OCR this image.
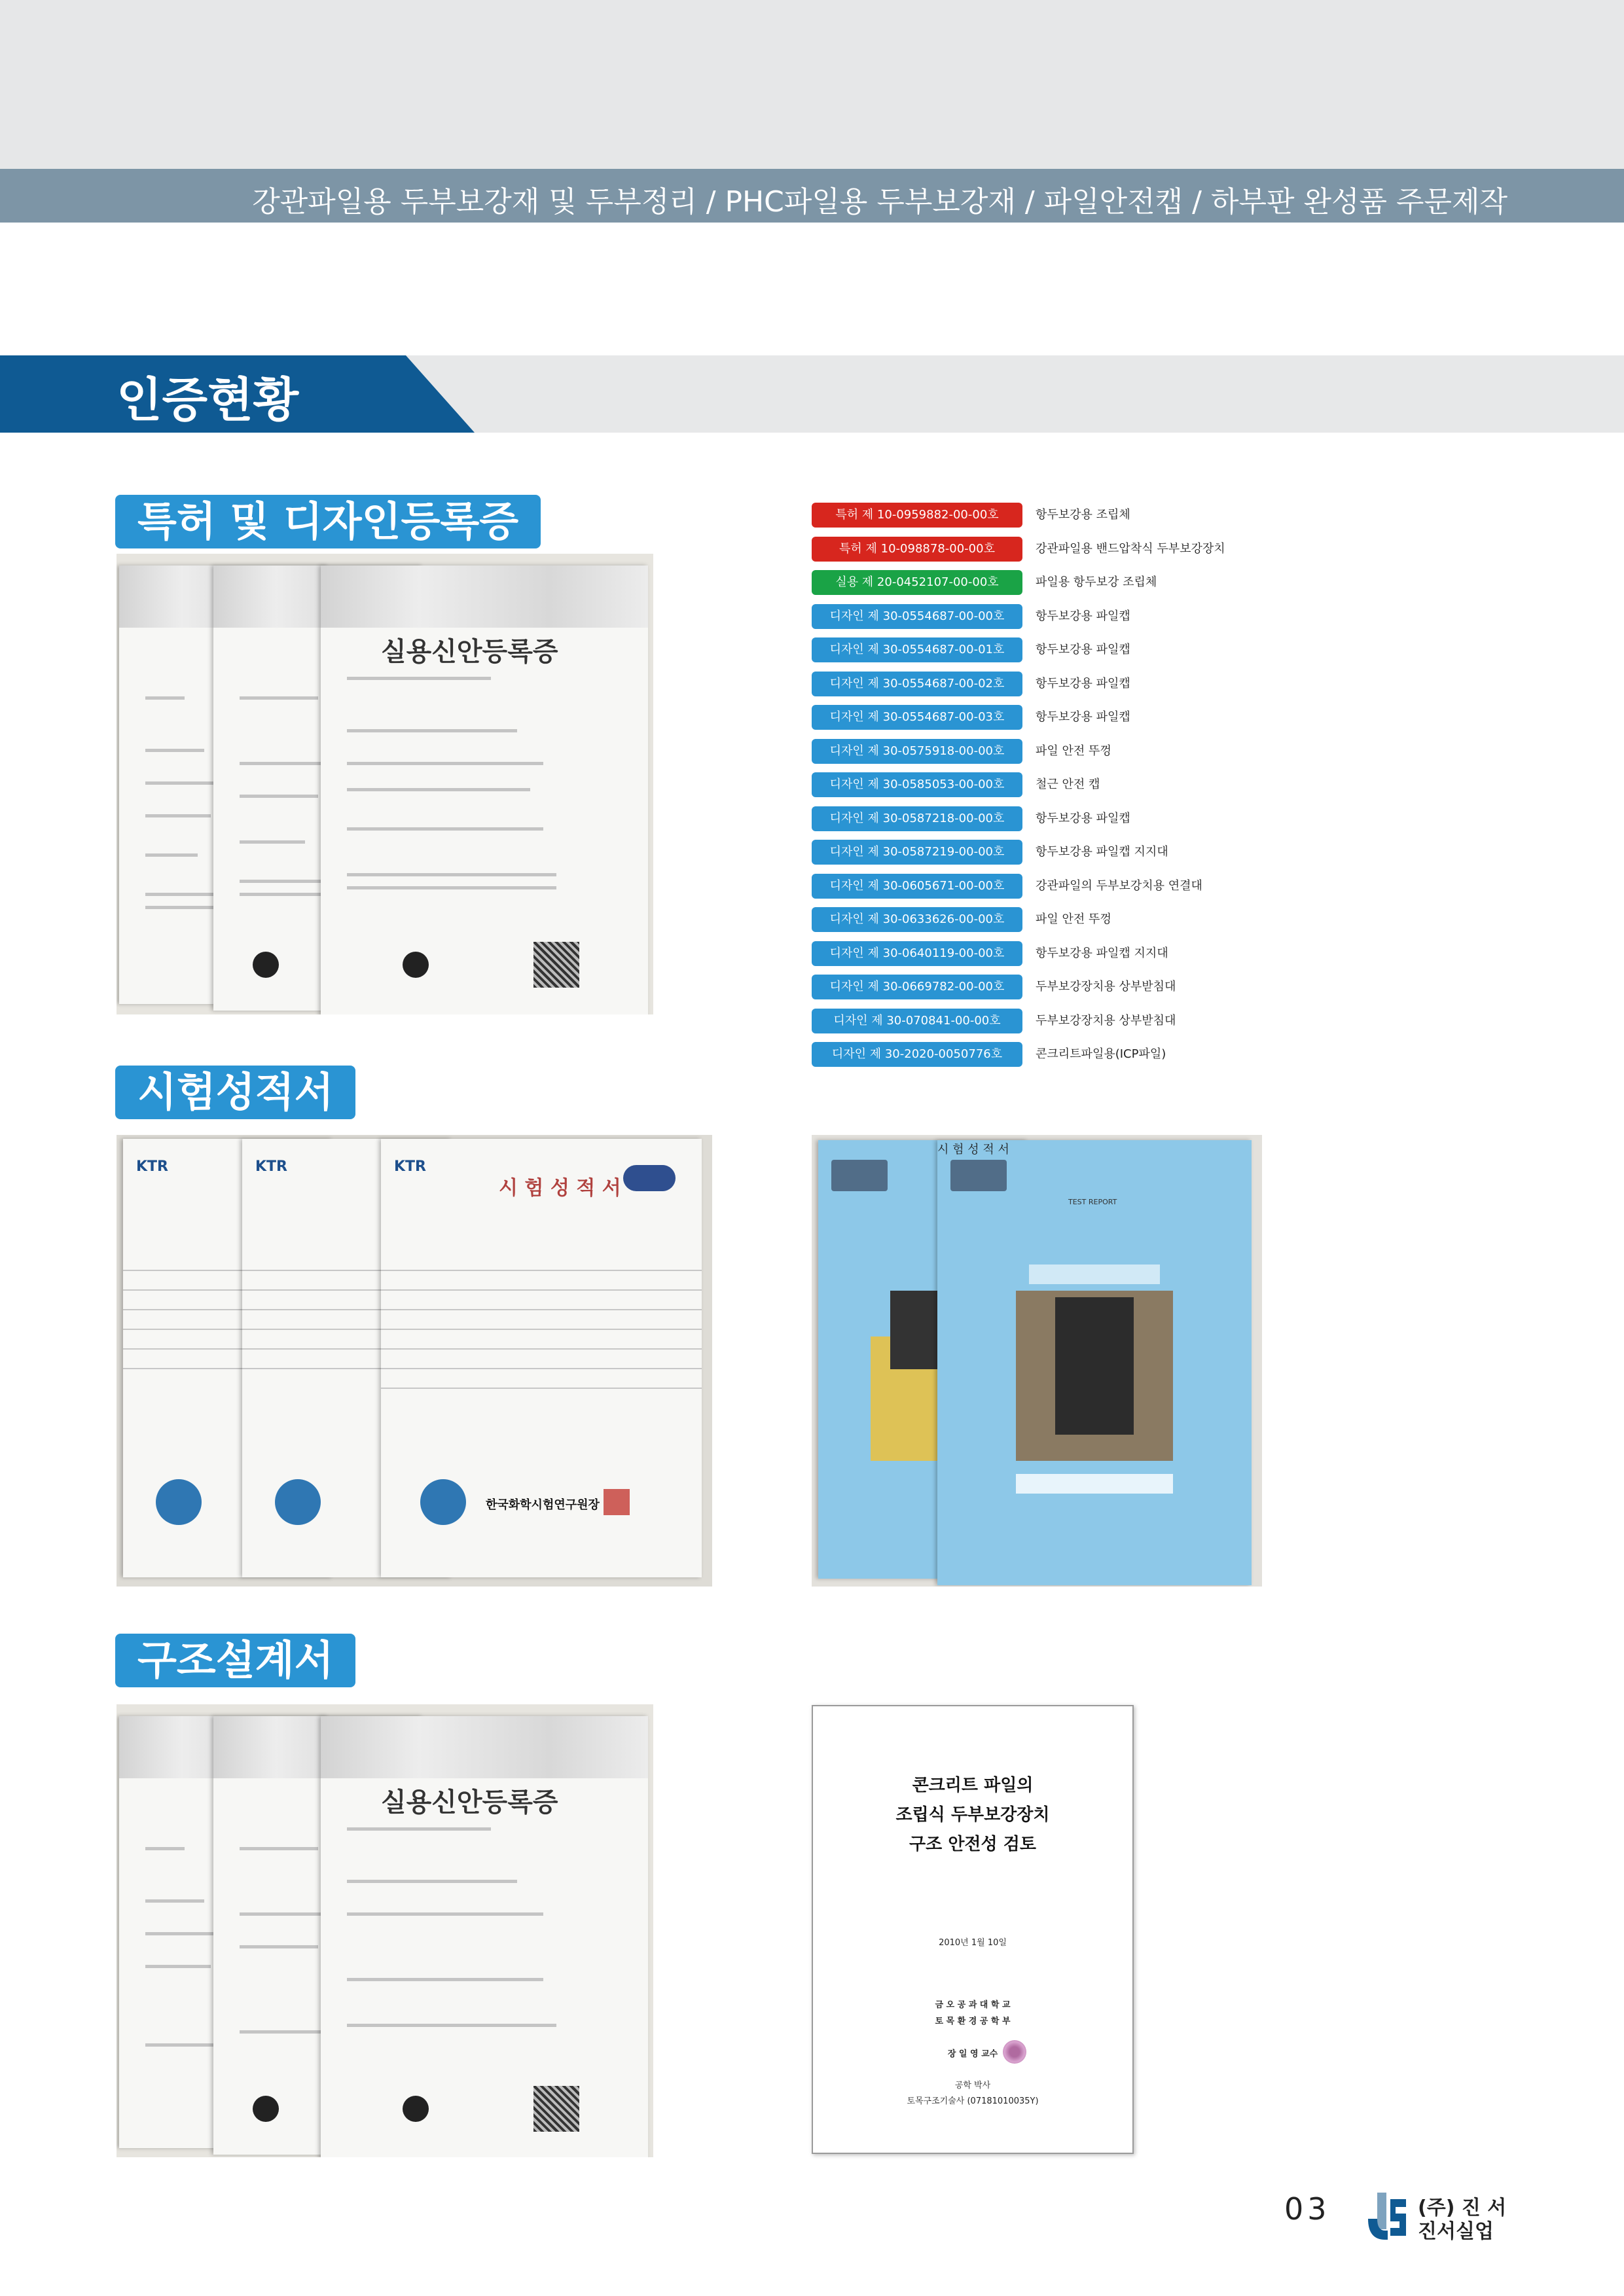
강관파일용 두부보강재 및 두부정리 / PHC파일용 두부보강재 / 파일안전캡 / 하부판 완성품 주문제작
인증현황
특허 및 디자인등록증
실용신안등록증
특허 제 10-0959882-00-00호	항두보강용 조립체
특허 제 10-098878-00-00호	강관파일용 밴드압착식 두부보강장치
실용 제 20-0452107-00-00호	파일용 항두보강 조립체
디자인 제 30-0554687-00-00호	항두보강용 파일캡
디자인 제 30-0554687-00-01호	항두보강용 파일캡
디자인 제 30-0554687-00-02호	항두보강용 파일캡
디자인 제 30-0554687-00-03호	항두보강용 파일캡
디자인 제 30-0575918-00-00호	파일 안전 뚜껑
디자인 제 30-0585053-00-00호	철근 안전 캡
디자인 제 30-0587218-00-00호	항두보강용 파일캡
디자인 제 30-0587219-00-00호	항두보강용 파일캡 지지대
디자인 제 30-0605671-00-00호	강관파일의 두부보강치용 연결대
디자인 제 30-0633626-00-00호	파일 안전 뚜껑
디자인 제 30-0640119-00-00호	항두보강용 파일캡 지지대
디자인 제 30-0669782-00-00호	두부보강장치용 상부받침대
디자인 제 30-070841-00-00호	두부보강장치용 상부받침대
디자인 제 30-2020-0050776호	콘크리트파일용(ICP파일)
시험성적서
KTR	KTR	KTR
시 험 성 적 서
한국화학시험연구원장
시 험 성 적 서
TEST REPORT
구조설계서
실용신안등록증
콘크리트 파일의
조립식 두부보강장치
구조 안전성 검토
2010년 1월 10일
금 오 공 과 대 학 교
토 목 환 경 공 학 부
장 일 영 교수
공학 박사
토목구조기술사 (07181010035Y)
03	(주) 진 서
진서실업
